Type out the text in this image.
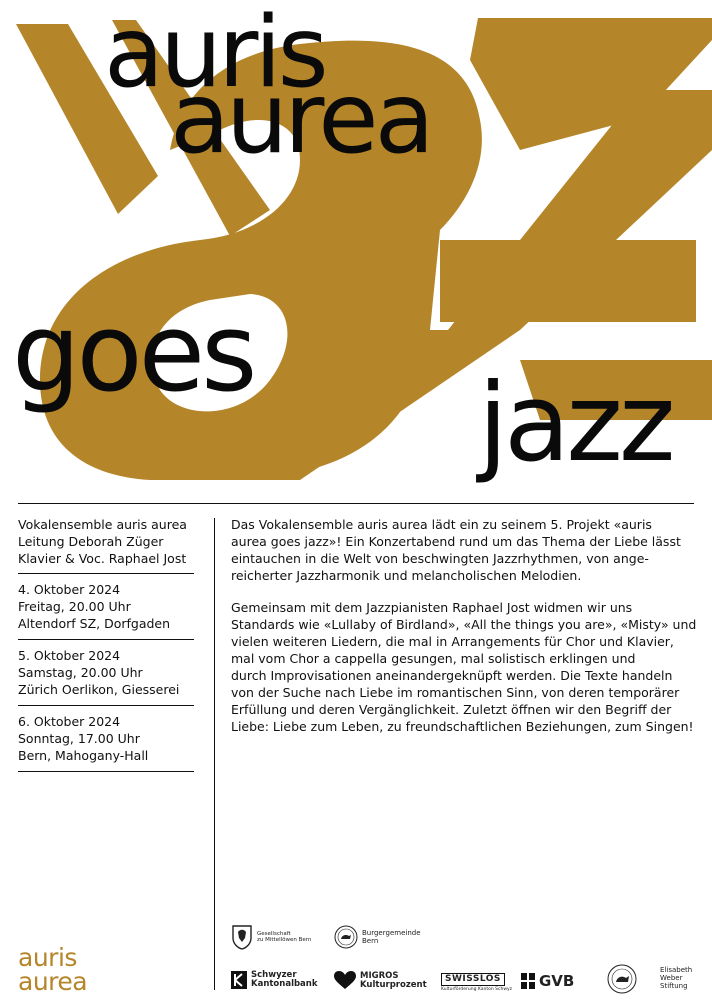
auris
aurea
goes
jazz
Vokalensemble auris aurea
Leitung Deborah Züger
Klavier & Voc. Raphael Jost
4. Oktober 2024
Freitag, 20.00 Uhr
Altendorf SZ, Dorfgaden
5. Oktober 2024
Samstag, 20.00 Uhr
Zürich Oerlikon, Giesserei
6. Oktober 2024
Sonntag, 17.00 Uhr
Bern, Mahogany-Hall
Das Vokalensemble auris aurea lädt ein zu seinem 5. Projekt «auris
aurea goes jazz»! Ein Konzertabend rund um das Thema der Liebe lässt
eintauchen in die Welt von beschwingten Jazzrhythmen, von ange-
reicherter Jazzharmonik und melancholischen Melodien.
Gemeinsam mit dem Jazzpianisten Raphael Jost widmen wir uns
Standards wie «Lullaby of Birdland», «All the things you are», «Misty» und
vielen weiteren Liedern, die mal in Arrangements für Chor und Klavier,
mal vom Chor a cappella gesungen, mal solistisch erklingen und
durch Improvisationen aneinandergeknüpft werden. Die Texte handeln
von der Suche nach Liebe im romantischen Sinn, von deren temporärer
Erfüllung und deren Vergänglichkeit. Zuletzt öffnen wir den Begriff der
Liebe: Liebe zum Leben, zu freundschaftlichen Beziehungen, zum Singen!
auris
aurea
Gesellschaft
zu Mittellöwen Bern
Burgergemeinde
Bern
Schwyzer
Kantonalbank
MIGROS
Kulturprozent
SWISSLOS
Kulturförderung Kanton Schwyz GVB
Elisabeth
Weber
Stiftung
